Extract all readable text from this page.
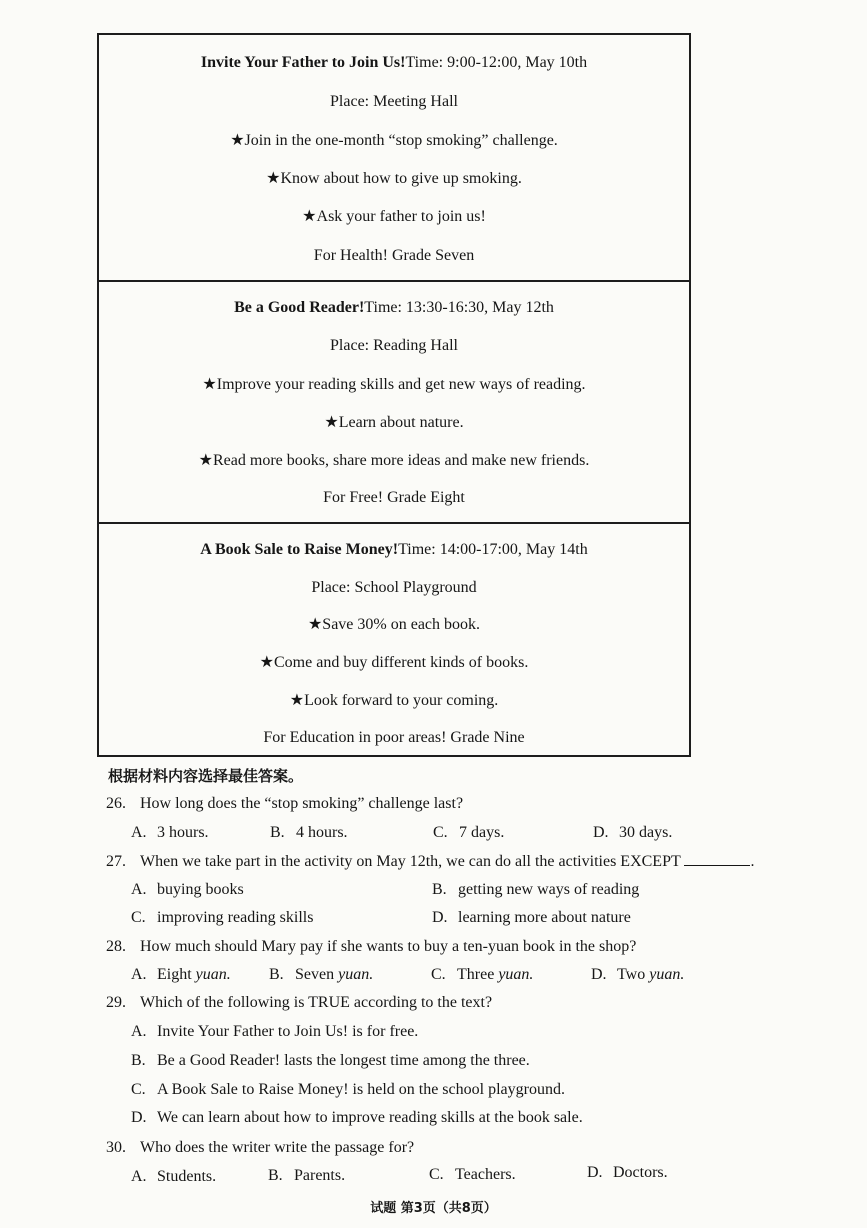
Invite Your Father to Join Us!Time: 9:00-12:00, May 10th
Place: Meeting Hall
★Join in the one-month “stop smoking” challenge.
★Know about how to give up smoking.
★Ask your father to join us!
For Health! Grade Seven
Be a Good Reader!Time: 13:30-16:30, May 12th
Place: Reading Hall
★Improve your reading skills and get new ways of reading.
★Learn about nature.
★Read more books, share more ideas and make new friends.
For Free! Grade Eight
A Book Sale to Raise Money!Time: 14:00-17:00, May 14th
Place: School Playground
★Save 30% on each book.
★Come and buy different kinds of books.
★Look forward to your coming.
For Education in poor areas! Grade Nine
根据材料内容选择最佳答案。
26. How long does the “stop smoking” challenge last?
A. 3 hours.	B. 4 hours.	C. 7 days.	D. 30 days.
27. When we take part in the activity on May 12th, we can do all the activities EXCEPT	.
A. buying books	B. getting new ways of reading
C. improving reading skills	D. learning more about nature
28. How much should Mary pay if she wants to buy a ten-yuan book in the shop?
A. Eight yuan. B. Seven yuan.	C. Three yuan.	D. Two yuan.
29. Which of the following is TRUE according to the text?
A. Invite Your Father to Join Us! is for free.
B. Be a Good Reader! lasts the longest time among the three.
C. A Book Sale to Raise Money! is held on the school playground.
D. We can learn about how to improve reading skills at the book sale.
30. Who does the writer write the passage for?
A. Students.	B. Parents.	C. Teachers.	D. Doctors.
试题 第3页（共8页）
